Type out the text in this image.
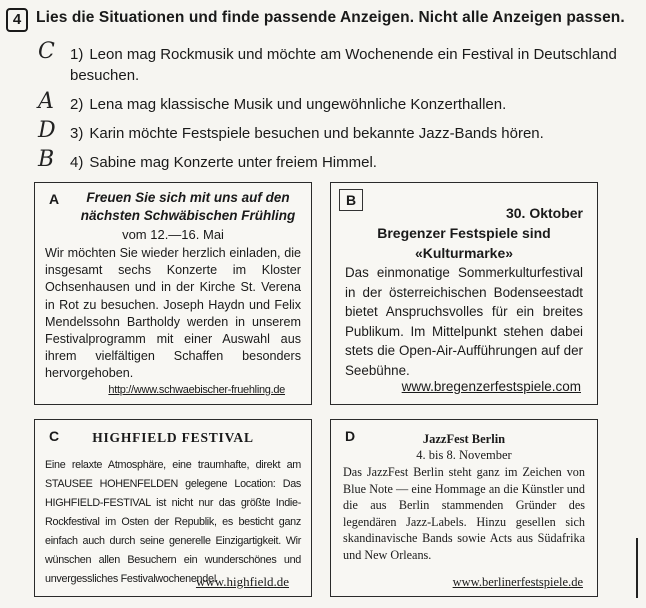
4 Lies die Situationen und finde passende Anzeigen. Nicht alle Anzeigen passen.
C 1) Leon mag Rockmusik und möchte am Wochenende ein Festival in Deutschland besuchen.
A 2) Lena mag klassische Musik und ungewöhnliche Konzerthallen.
D 3) Karin möchte Festspiele besuchen und bekannte Jazz-Bands hören.
B 4) Sabine mag Konzerte unter freiem Himmel.
A	Freuen Sie sich mit uns auf den nächsten Schwäbischen Frühling
vom 12.—16. Mai
Wir möchten Sie wieder herzlich einladen, die insgesamt sechs Konzerte im Kloster Ochsenhausen und in der Kirche St. Verena in Rot zu besuchen. Joseph Haydn und Felix Mendelssohn Bartholdy werden in unserem Festivalprogramm mit einer Auswahl aus ihrem vielfältigen Schaffen besonders hervorgehoben.
http://www.schwaebischer-fruehling.de
B
30. Oktober
Bregenzer Festspiele sind «Kulturmarke»
Das einmonatige Sommerkulturfestival in der österreichischen Bodenseestadt bietet Anspruchsvolles für ein breites Publikum. Im Mittelpunkt stehen dabei stets die Open-Air-Aufführungen auf der Seebühne.
www.bregenzerfestspiele.com
C	HIGHFIELD FESTIVAL
Eine relaxte Atmosphäre, eine traumhafte, direkt am STAUSEE HOHENFELDEN gelegene Location: Das HIGHFIELD-FESTIVAL ist nicht nur das größte Indie-Rockfestival im Osten der Republik, es besticht ganz einfach auch durch seine generelle Einzigartigkeit. Wir wünschen allen Besuchern ein wunderschönes und unvergessliches Festivalwochenende!
www.highfield.de
D	JazzFest Berlin
4. bis 8. November
Das JazzFest Berlin steht ganz im Zeichen von Blue Note — eine Hommage an die Künstler und die aus Berlin stammenden Gründer des legendären Jazz-Labels. Hinzu gesellen sich skandinavische Bands sowie Acts aus Südafrika und New Orleans.
www.berlinerfestspiele.de
